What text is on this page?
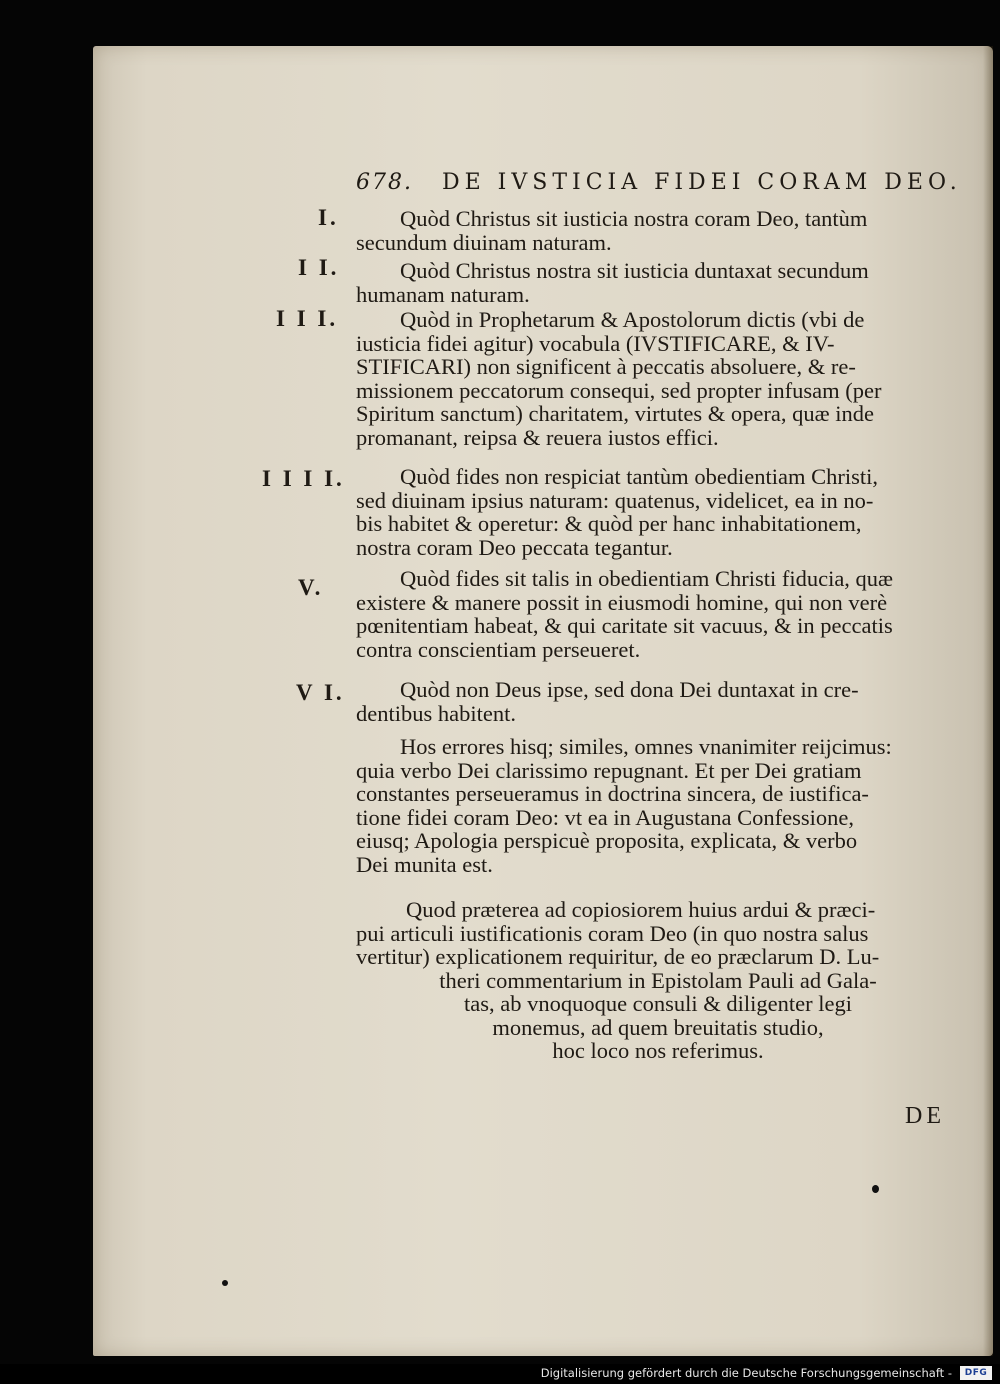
678. DE IVSTICIA FIDEI CORAM DEO.
I.	Quòd Christus sit iusticia nostra coram Deo, tantùm
secundum diuinam naturam.
I I.	Quòd Christus nostra sit iusticia duntaxat secundum
humanam naturam.
I I I.	Quòd in Prophetarum & Apostolorum dictis (vbi de
iusticia fidei agitur) vocabula (IVSTIFICARE, & IV-
STIFICARI) non significent à peccatis absoluere, & re-
missionem peccatorum consequi, sed propter infusam (per
Spiritum sanctum) charitatem, virtutes & opera, quæ inde
promanant, reipsa & reuera iustos effici.
I I I I.	Quòd fides non respiciat tantùm obedientiam Christi,
sed diuinam ipsius naturam: quatenus, videlicet, ea in no-
bis habitet & operetur: & quòd per hanc inhabitationem,
nostra coram Deo peccata tegantur.
V.	Quòd fides sit talis in obedientiam Christi fiducia, quæ
existere & manere possit in eiusmodi homine, qui non verè
pœnitentiam habeat, & qui caritate sit vacuus, & in peccatis
contra conscientiam perseueret.
V I.	Quòd non Deus ipse, sed dona Dei duntaxat in cre-
dentibus habitent.
Hos errores hisq; similes, omnes vnanimiter reijcimus:
quia verbo Dei clarissimo repugnant. Et per Dei gratiam
constantes perseueramus in doctrina sincera, de iustifica-
tione fidei coram Deo: vt ea in Augustana Confessione,
eiusq; Apologia perspicuè proposita, explicata, & verbo
Dei munita est.
Quod præterea ad copiosiorem huius ardui & præci-
pui articuli iustificationis coram Deo (in quo nostra salus
vertitur) explicationem requiritur, de eo præclarum D. Lu-
theri commentarium in Epistolam Pauli ad Gala-
tas, ab vnoquoque consuli & diligenter legi
monemus, ad quem breuitatis studio,
hoc loco nos referimus.
DE
Digitalisierung gefördert durch die Deutsche Forschungsgemeinschaft -	DFG
